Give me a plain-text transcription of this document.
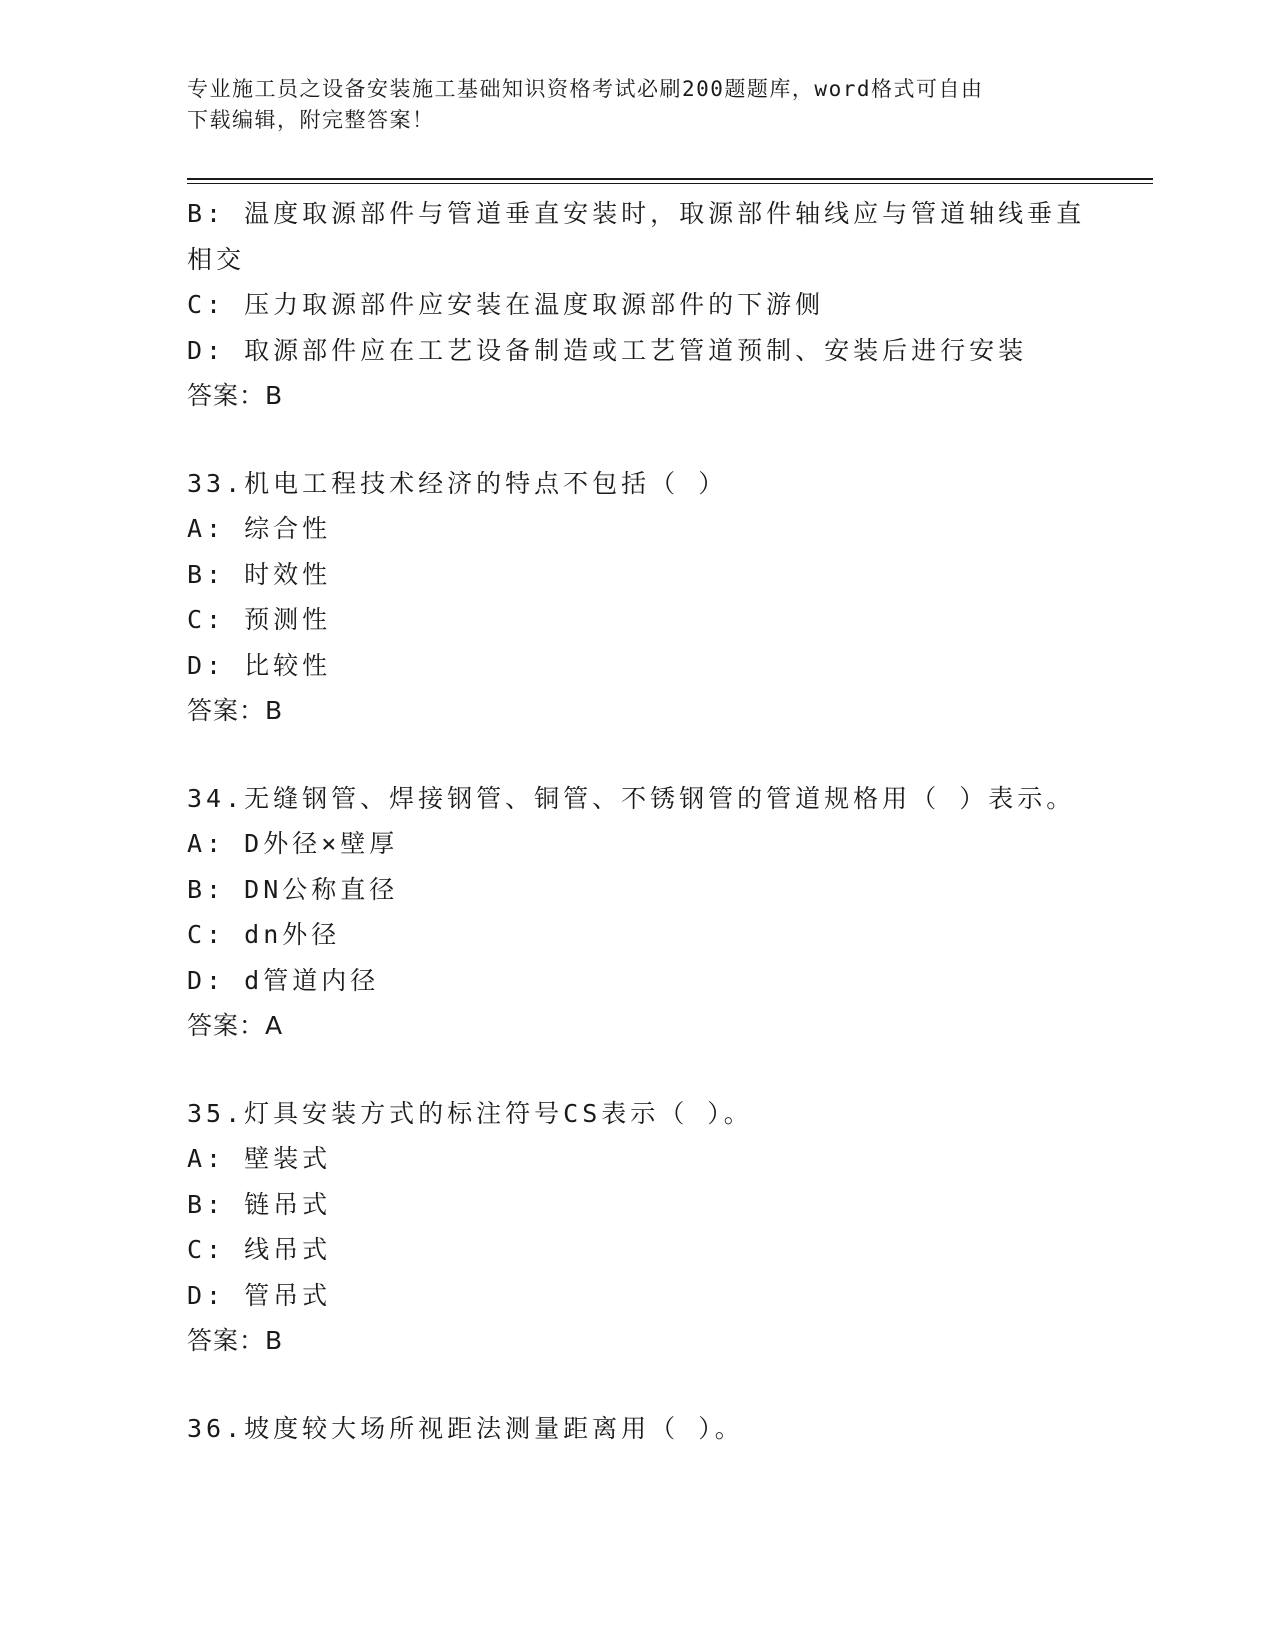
专业施工员之设备安装施工基础知识资格考试必刷200题题库，word格式可自由
下载编辑，附完整答案！
B: 温度取源部件与管道垂直安装时，取源部件轴线应与管道轴线垂直
相交
C: 压力取源部件应安装在温度取源部件的下游侧
D: 取源部件应在工艺设备制造或工艺管道预制、安装后进行安装
答案：B
33.机电工程技术经济的特点不包括（ ）
A: 综合性
B: 时效性
C: 预测性
D: 比较性
答案：B
34.无缝钢管、焊接钢管、铜管、不锈钢管的管道规格用（ ）表示。
A: D外径×壁厚
B: DN公称直径
C: dn外径
D: d管道内径
答案：A
35.灯具安装方式的标注符号CS表示（ ）。
A: 壁装式
B: 链吊式
C: 线吊式
D: 管吊式
答案：B
36.坡度较大场所视距法测量距离用（ ）。
